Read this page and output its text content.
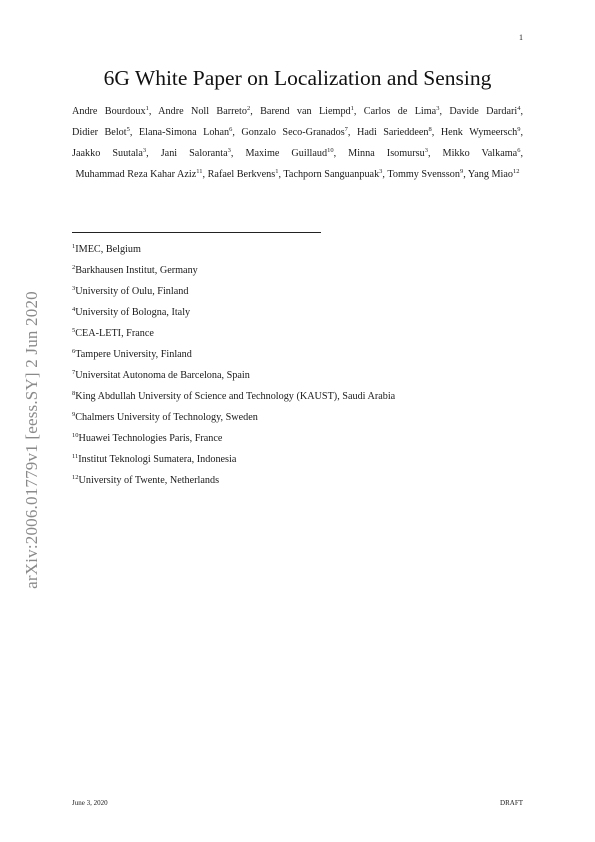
1
6G White Paper on Localization and Sensing
Andre Bourdoux$^1$, Andre Noll Barreto$^2$, Barend van Liempd$^1$, Carlos de Lima$^3$, Davide Dardari$^4$, Didier Belot$^5$, Elana-Simona Lohan$^6$, Gonzalo Seco-Granados$^7$, Hadi Sarieddeen$^8$, Henk Wymeersch$^9$, Jaakko Suutala$^3$, Jani Saloranta$^3$, Maxime Guillaud$^{10}$, Minna Isomursu$^3$, Mikko Valkama$^6$, Muhammad Reza Kahar Aziz$^{11}$, Rafael Berkvens$^1$, Tachporn Sanguanpuak$^3$, Tommy Svensson$^9$, Yang Miao$^{12}$
$^1$IMEC, Belgium
$^2$Barkhausen Institut, Germany
$^3$University of Oulu, Finland
$^4$University of Bologna, Italy
$^5$CEA-LETI, France
$^6$Tampere University, Finland
$^7$Universitat Autonoma de Barcelona, Spain
$^8$King Abdullah University of Science and Technology (KAUST), Saudi Arabia
$^9$Chalmers University of Technology, Sweden
$^{10}$Huawei Technologies Paris, France
$^{11}$Institut Teknologi Sumatera, Indonesia
$^{12}$University of Twente, Netherlands
arXiv:2006.01779v1 [eess.SY] 2 Jun 2020
June 3, 2020	DRAFT
